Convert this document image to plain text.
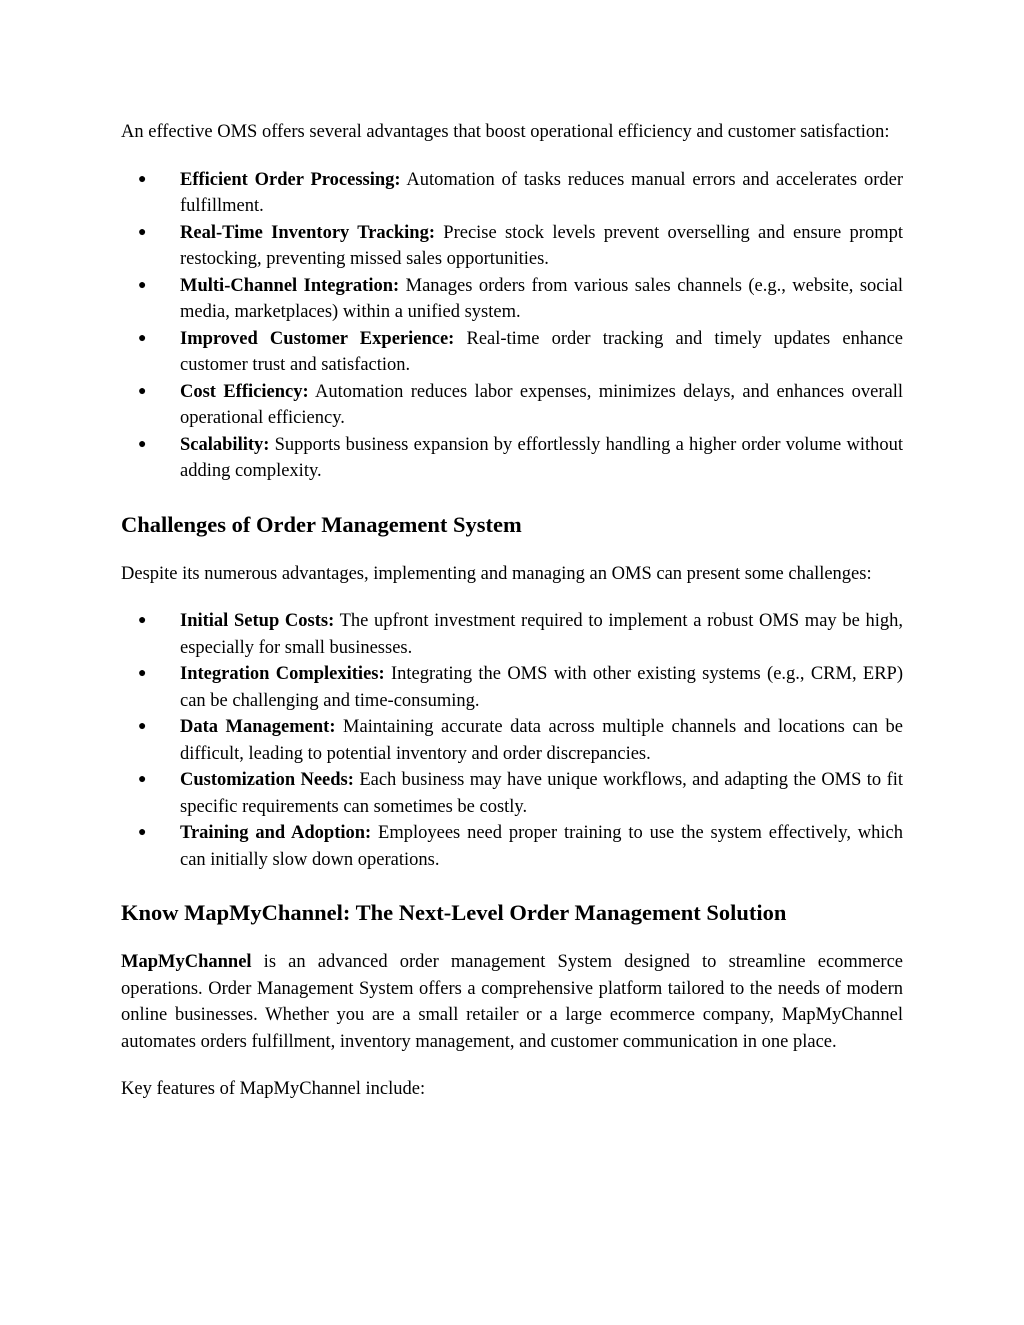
An effective OMS offers several advantages that boost operational efficiency and customer satisfaction:

● Efficient Order Processing: Automation of tasks reduces manual errors and accelerates order fulfillment.
● Real-Time Inventory Tracking: Precise stock levels prevent overselling and ensure prompt restocking, preventing missed sales opportunities.
● Multi-Channel Integration: Manages orders from various sales channels (e.g., website, social media, marketplaces) within a unified system.
● Improved Customer Experience: Real-time order tracking and timely updates enhance customer trust and satisfaction.
● Cost Efficiency: Automation reduces labor expenses, minimizes delays, and enhances overall operational efficiency.
● Scalability: Supports business expansion by effortlessly handling a higher order volume without adding complexity.
Challenges of Order Management System

Despite its numerous advantages, implementing and managing an OMS can present some challenges:

● Initial Setup Costs: The upfront investment required to implement a robust OMS may be high, especially for small businesses.
● Integration Complexities: Integrating the OMS with other existing systems (e.g., CRM, ERP) can be challenging and time-consuming.
● Data Management: Maintaining accurate data across multiple channels and locations can be difficult, leading to potential inventory and order discrepancies.
● Customization Needs: Each business may have unique workflows, and adapting the OMS to fit specific requirements can sometimes be costly.
● Training and Adoption: Employees need proper training to use the system effectively, which can initially slow down operations.
Know MapMyChannel: The Next-Level Order Management Solution

MapMyChannel is an advanced order management System designed to streamline ecommerce operations. Order Management System offers a comprehensive platform tailored to the needs of modern online businesses. Whether you are a small retailer or a large ecommerce company, MapMyChannel automates orders fulfillment, inventory management, and customer communication in one place.

Key features of MapMyChannel include:
